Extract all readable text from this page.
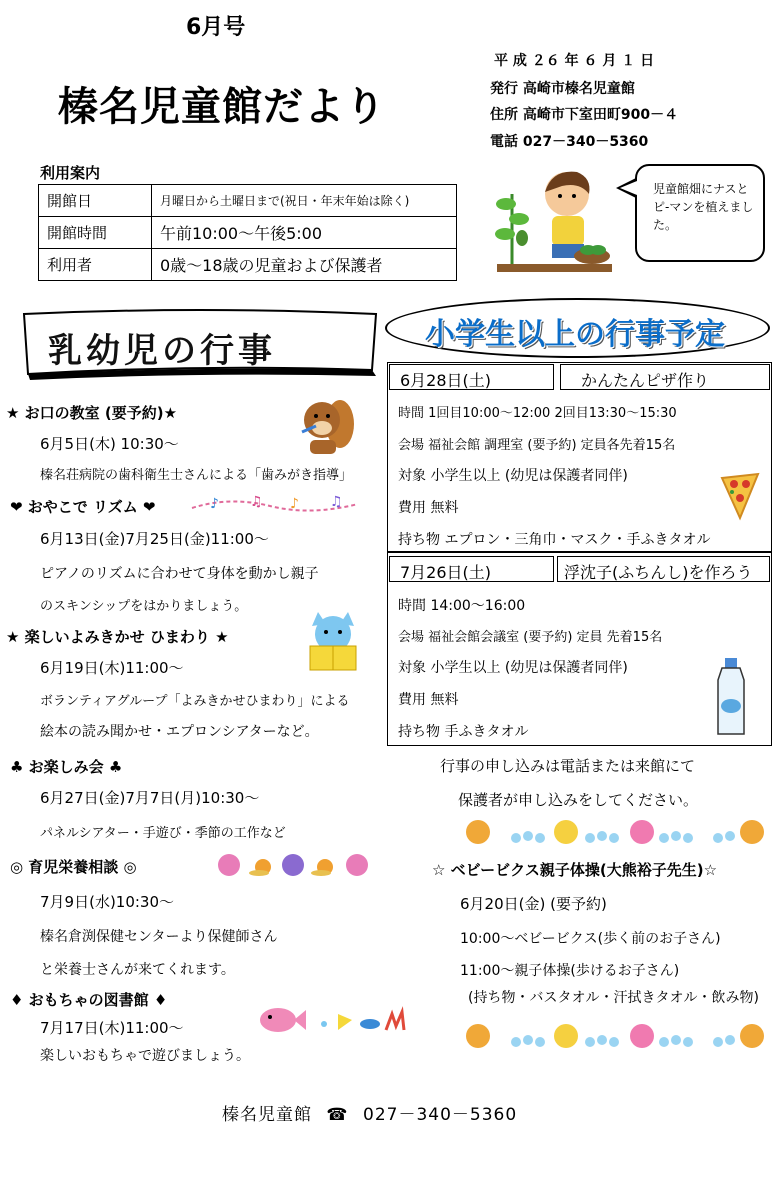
6月号
榛名児童館だより
平 成 ２６ 年 ６ 月 １ 日
発行 高崎市榛名児童館
住所 高崎市下室田町900－４
電話 027－340－5360
利用案内
開館日	月曜日から土曜日まで(祝日・年末年始は除く)
開館時間	午前10:00～午後5:00
利用者	0歳～18歳の児童および保護者
児童館畑にナスとピ-マンを植えました。
乳幼児の行事	小学生以上の行事予定
★ お口の教室 (要予約)★
6月5日(木) 10:30～
榛名荘病院の歯科衛生士さんによる「歯みがき指導」
❤ おやこで リズム ❤	♪ ♫ ♪ ♫
6月13日(金)7月25日(金)11:00～
ピアノのリズムに合わせて身体を動かし親子
のスキンシップをはかりましょう。
★ 楽しいよみきかせ ひまわり ★
6月19日(木)11:00～
ボランティアグループ「よみきかせひまわり」による
絵本の読み聞かせ・エプロンシアターなど。
♣ お楽しみ会 ♣
6月27日(金)7月7日(月)10:30～
パネルシアター・手遊び・季節の工作など
◎ 育児栄養相談 ◎
7月9日(水)10:30～
榛名倉渕保健センターより保健師さん
と栄養士さんが来てくれます。
♦ おもちゃの図書館 ♦
7月17日(木)11:00～
楽しいおもちゃで遊びましょう。
6月28日(土)	かんたんピザ作り
時間 1回目10:00～12:00 2回目13:30～15:30
会場 福祉会館 調理室 (要予約) 定員各先着15名
対象 小学生以上 (幼児は保護者同伴)
費用 無料
持ち物 エプロン・三角巾・マスク・手ふきタオル
7月26日(土)	浮沈子(ふちんし)を作ろう
時間 14:00～16:00
会場 福祉会館会議室 (要予約) 定員 先着15名
対象 小学生以上 (幼児は保護者同伴)
費用 無料
持ち物 手ふきタオル
行事の申し込みは電話または来館にて
保護者が申し込みをしてください。
☆ ベビービクス親子体操(大熊裕子先生)☆
6月20日(金) (要予約)
10:00～ベビービクス(歩く前のお子さん)
11:00～親子体操(歩けるお子さん)
(持ち物・バスタオル・汗拭きタオル・飲み物)
榛名児童館 ☎ 027－340－5360
